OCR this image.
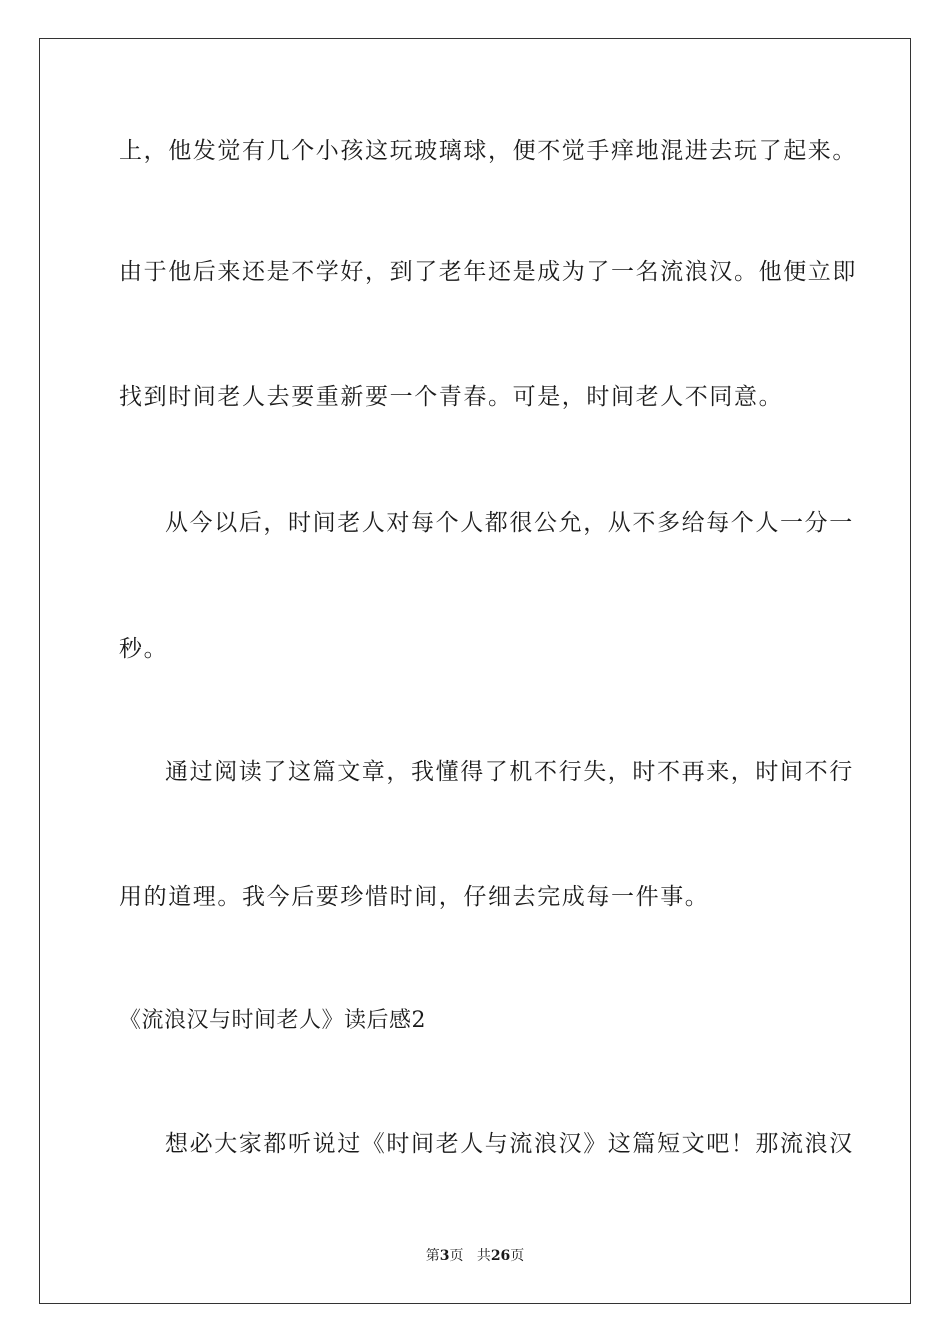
上，他发觉有几个小孩这玩玻璃球，便不觉手痒地混进去玩了起来。
由于他后来还是不学好，到了老年还是成为了一名流浪汉。他便立即
找到时间老人去要重新要一个青春。可是，时间老人不同意。
从今以后，时间老人对每个人都很公允，从不多给每个人一分一
秒。
通过阅读了这篇文章，我懂得了机不行失，时不再来，时间不行
用的道理。我今后要珍惜时间，仔细去完成每一件事。
《流浪汉与时间老人》读后感2
想必大家都听说过《时间老人与流浪汉》这篇短文吧！那流浪汉
第3页 共26页
